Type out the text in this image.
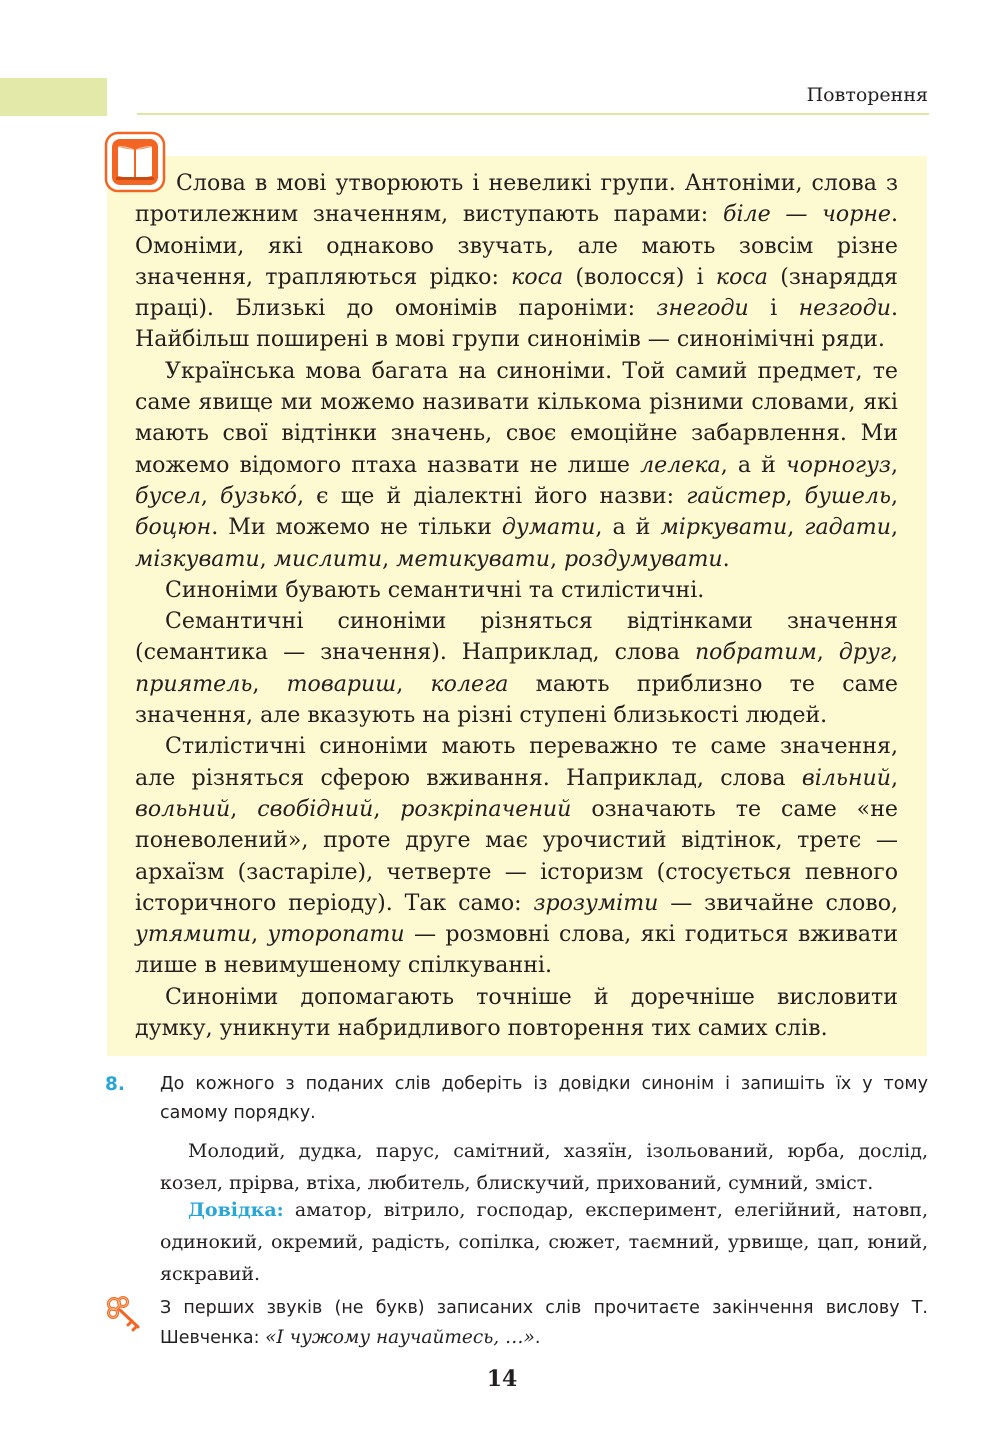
Повторення

Слова в мові утворюють і невеликі групи. Антоніми, слова з протилежним значенням, виступають парами: біле — чорне. Омоніми, які однаково звучать, але мають зовсім різне значення, трапляються рідко: коса (волосся) і коса (знаряддя праці). Близькі до омонімів пароніми: знегоди і незгоди. Найбільш поширені в мові групи синонімів — синонімічні ряди.

Українська мова багата на синоніми. Той самий предмет, те саме явище ми можемо називати кількома різними словами, які мають свої відтінки значень, своє емоційне забарвлення. Ми можемо відомого птаха назвати не лише лелека, а й чорногуз, бусел, бузько́, є ще й діалектні його назви: гайстер, бушель, боцюн. Ми можемо не тільки думати, а й міркувати, гадати, мізкувати, мислити, метикувати, роздумувати.

Синоніми бувають семантичні та стилістичні.

Семантичні синоніми різняться відтінками значення (семантика — значення). Наприклад, слова побратим, друг, приятель, товариш, колега мають приблизно те саме значення, але вказують на різні ступені близькості людей.

Стилістичні синоніми мають переважно те саме значення, але різняться сферою вживання. Наприклад, слова вільний, вольний, свобідний, розкріпачений означають те саме «не поневолений», проте друге має урочистий відтінок, третє — архаїзм (застаріле), четверте — історизм (стосується певного історичного періоду). Так само: зрозуміти — звичайне слово, утямити, уторопати — розмовні слова, які годиться вживати лише в невимушеному спілкуванні.

Синоніми допомагають точніше й доречніше висловити думку, уникнути набридливого повторення тих самих слів.

8. До кожного з поданих слів доберіть із довідки синонім і запишіть їх у тому самому порядку.
Молодий, дудка, парус, самітний, хазяїн, ізольований, юрба, дослід, козел, прірва, втіха, любитель, блискучий, прихований, сумний, зміст.
Довідка: аматор, вітрило, господар, експеримент, елегійний, натовп, одинокий, окремий, радість, сопілка, сюжет, таємний, урвище, цап, юний, яскравий.
З перших звуків (не букв) записаних слів прочитаєте закінчення вислову Т. Шевченка: «І чужому научайтесь, …».
14
